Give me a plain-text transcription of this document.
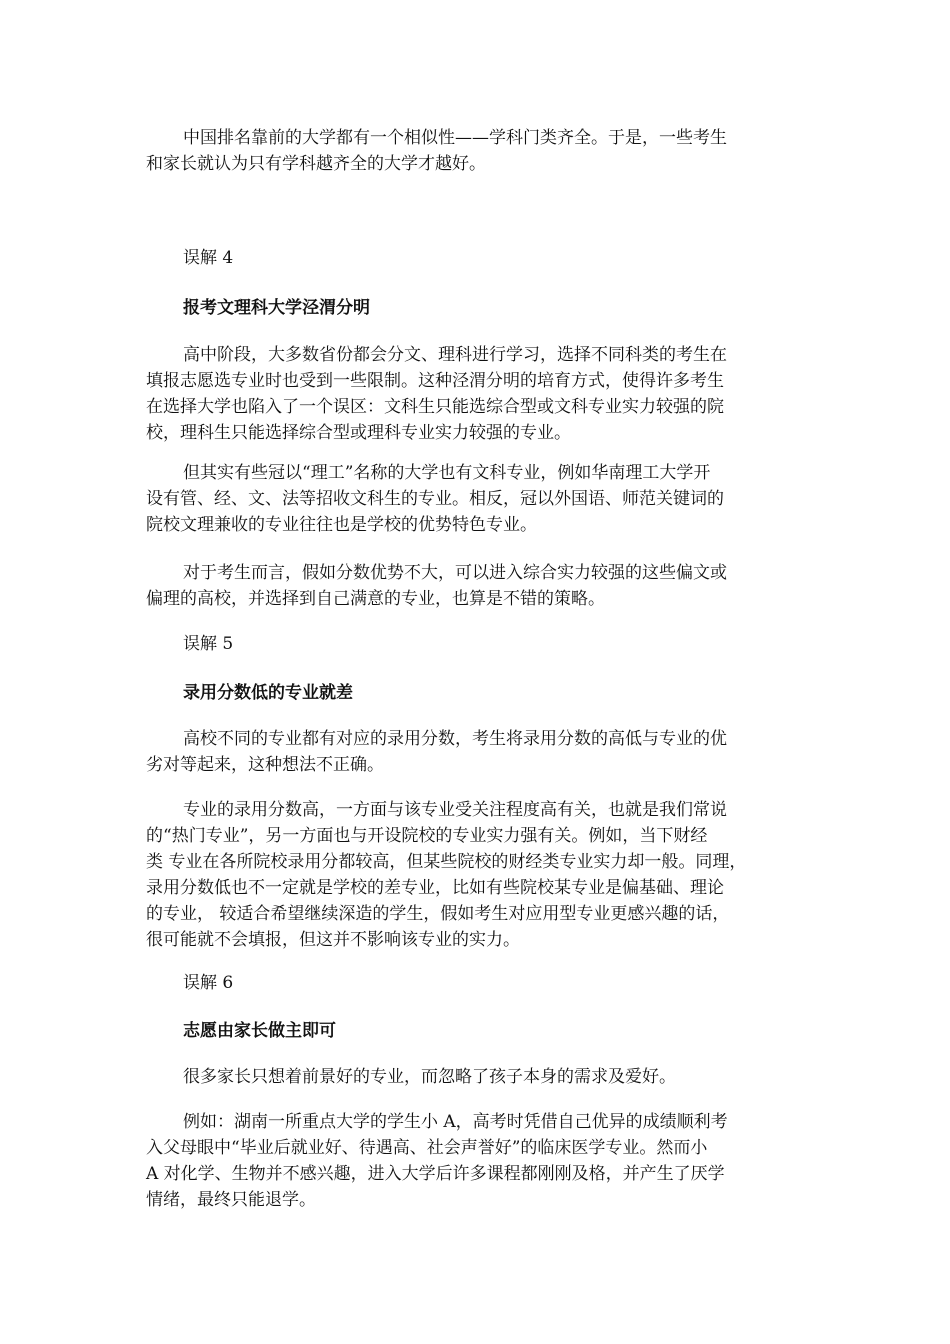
中国排名靠前的大学都有一个相似性——学科门类齐全。于是，一些考生
和家长就认为只有学科越齐全的大学才越好。

误解 4

报考文理科大学泾渭分明

高中阶段，大多数省份都会分文、理科进行学习，选择不同科类的考生在
填报志愿选专业时也受到一些限制。这种泾渭分明的培育方式，使得许多考生
在选择大学也陷入了一个误区：文科生只能选综合型或文科专业实力较强的院
校，理科生只能选择综合型或理科专业实力较强的专业。

但其实有些冠以“理工”名称的大学也有文科专业，例如华南理工大学开
设有管、经、文、法等招收文科生的专业。相反，冠以外国语、师范关键词的
院校文理兼收的专业往往也是学校的优势特色专业。

对于考生而言，假如分数优势不大，可以进入综合实力较强的这些偏文或
偏理的高校，并选择到自己满意的专业，也算是不错的策略。

误解 5

录用分数低的专业就差

高校不同的专业都有对应的录用分数，考生将录用分数的高低与专业的优
劣对等起来，这种想法不正确。

专业的录用分数高，一方面与该专业受关注程度高有关，也就是我们常说
的“热门专业”，另一方面也与开设院校的专业实力强有关。例如，当下财经
类 专业在各所院校录用分都较高，但某些院校的财经类专业实力却一般。同理，
录用分数低也不一定就是学校的差专业，比如有些院校某专业是偏基础、理论
的专业， 较适合希望继续深造的学生，假如考生对应用型专业更感兴趣的话，
很可能就不会填报，但这并不影响该专业的实力。

误解 6

志愿由家长做主即可

很多家长只想着前景好的专业，而忽略了孩子本身的需求及爱好。

例如：湖南一所重点大学的学生小 A，高考时凭借自己优异的成绩顺利考
入父母眼中“毕业后就业好、待遇高、社会声誉好”的临床医学专业。然而小
A 对化学、生物并不感兴趣，进入大学后许多课程都刚刚及格，并产生了厌学
情绪，最终只能退学。
